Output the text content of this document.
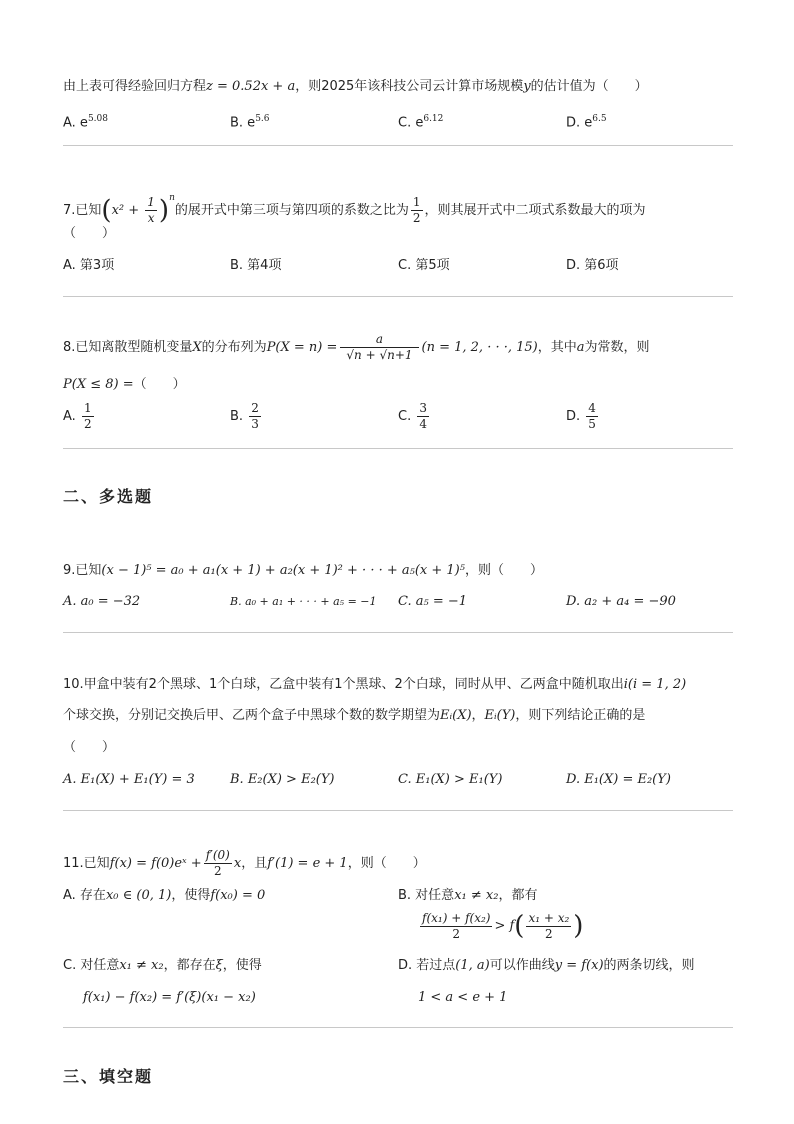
由上表可得经验回归方程z = 0.52x + a，则2025年该科技公司云计算市场规模y的估计值为（　　）
A. $e^{5.08}$	B. $e^{5.6}$	C. $e^{6.12}$	D. $e^{6.5}$
7.已知$(x^2 + \frac{1}{x} )^n$的展开式中第三项与第四项的系数之比为 $\frac{1}{2}$ ，则其展开式中二项式系数最大的项为
（　　）
A. 第3项	B. 第4项	C. 第5项	D. 第6项
8.已知离散型随机变量X的分布列为$P(X = n) = \frac{a}{√n + √n+1} (n = 1$, 2, · · ·, 15)，其中a为常数，则
P(X ≤ 8) =（　　）
A. $\frac{1}{2}$	B. $\frac{2}{3}$	C. $\frac{3}{4}$	D. $\frac{4}{5}$
二、多选题
9.已知(x − 1)⁵ = a₀ + a₁(x + 1) + a₂(x + 1)² + · · · + a₅(x + 1)⁵，则（　　）
A. a₀ = −32	B. a₀ + a₁ + · · · + a₅ = −1 C. a₅ = −1	D. a₂ + a₄ = −90
10.甲盒中装有2个黑球、1个白球，乙盒中装有1个黑球、2个白球，同时从甲、乙两盒中随机取出i(i = 1, 2)
个球交换，分别记交换后甲、乙两个盒子中黑球个数的数学期望为Eᵢ(X)，Eᵢ(Y)，则下列结论正确的是
（　　）
A. E₁(X) + E₁(Y) = 3	B. E₂(X) > E₂(Y)	C. E₁(X) > E₁(Y)	D. E₁(X) = E₂(Y)
11.已知f(x) = f(0)eˣ + $\frac{f'(0)}{2}$ x，且f′(1) = e + 1，则（　　）
A. 存在x₀ ∈ (0, 1)，使得f(x₀) = 0	B. 对任意x₁ ≠ x₂，都有
$\frac{\text{f(x₁) + f(x₂)}}{2} > f( \frac{\text{x₁ + x₂}}{2}$ )
C. 对任意x₁ ≠ x₂，都存在ξ，使得
f(x₁) − f(x₂) = f′(ξ)(x₁ − x₂)
D. 若过点(1, a)可以作曲线y = f(x)的两条切线，则
1 < a < e + 1
三、填空题
